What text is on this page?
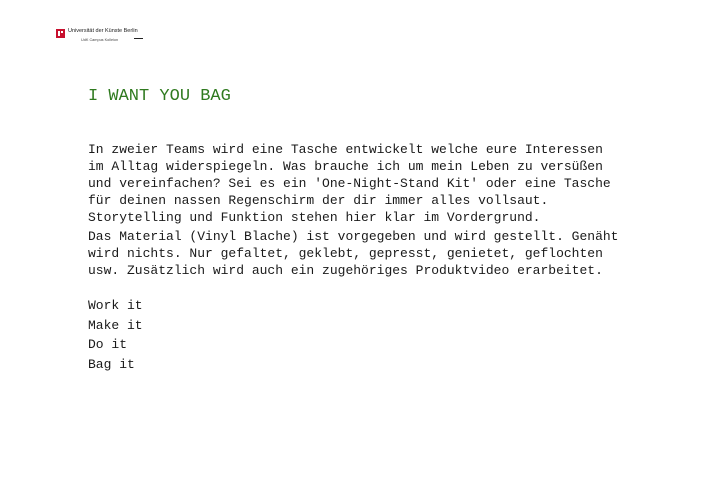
Universität der Künste Berlin
UdK Campus Kolleion
I WANT YOU BAG

In zweier Teams wird eine Tasche entwickelt welche eure Interessen
im Alltag widerspiegeln. Was brauche ich um mein Leben zu versüßen
und vereinfachen? Sei es ein 'One-Night-Stand Kit' oder eine Tasche
für deinen nassen Regenschirm der dir immer alles vollsaut.
Storytelling und Funktion stehen hier klar im Vordergrund.

Das Material (Vinyl Blache) ist vorgegeben und wird gestellt. Genäht
wird nichts. Nur gefaltet, geklebt, gepresst, genietet, geflochten
usw. Zusätzlich wird auch ein zugehöriges Produktvideo erarbeitet.

Work it
Make it
Do it
Bag it
